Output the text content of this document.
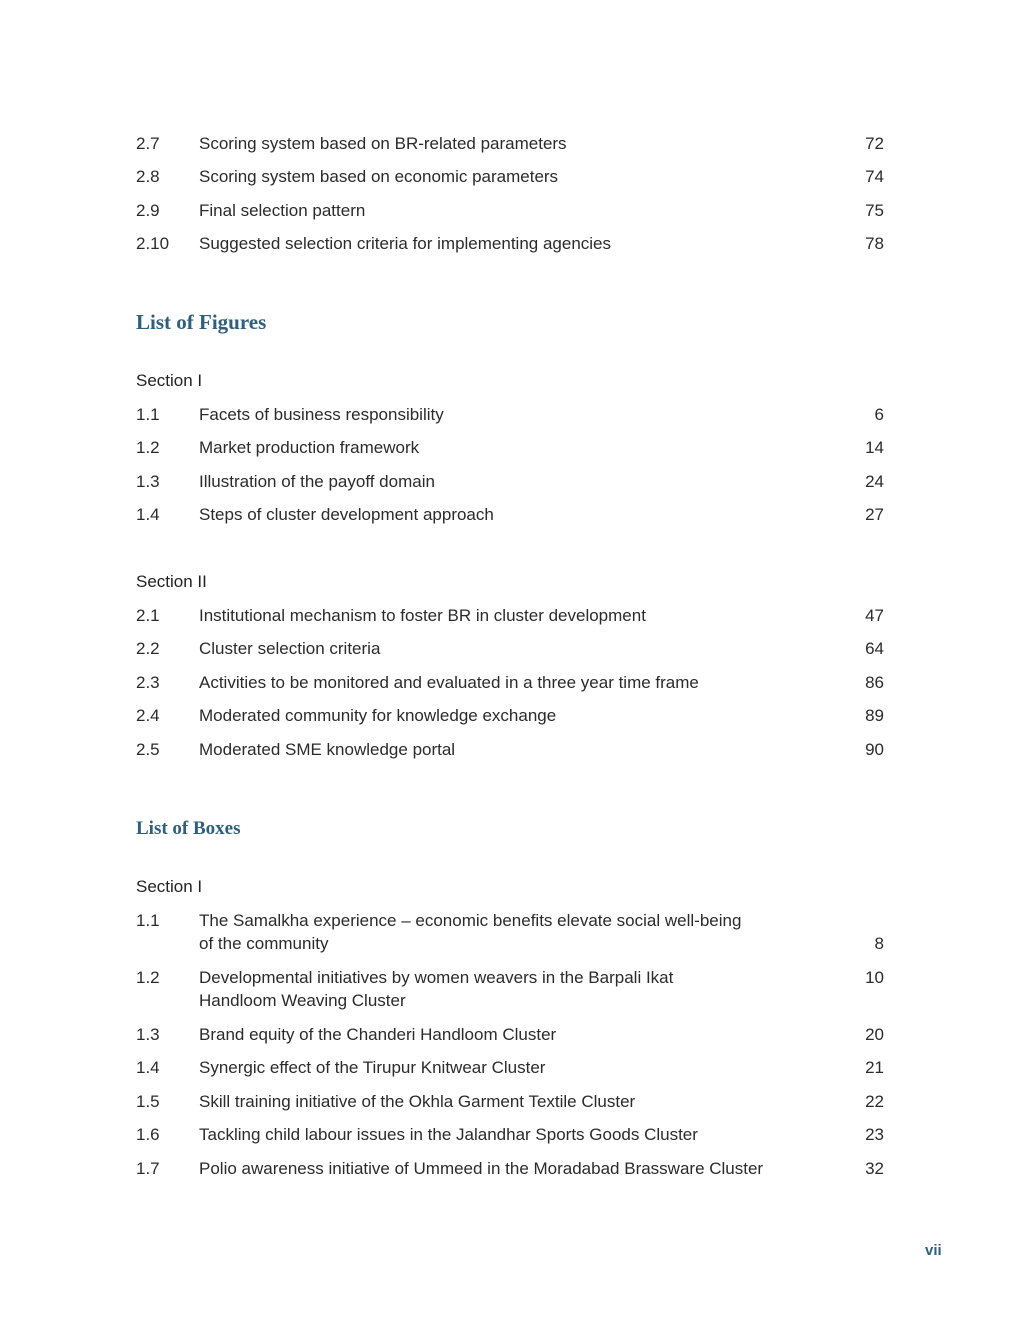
2.7 Scoring system based on BR-related parameters	72
2.8 Scoring system based on economic parameters	74
2.9 Final selection pattern	75
2.10 Suggested selection criteria for implementing agencies	78
List of Figures
Section I
1.1 Facets of business responsibility	6
1.2 Market production framework	14
1.3 Illustration of the payoff domain	24
1.4 Steps of cluster development approach	27
Section II
2.1 Institutional mechanism to foster BR in cluster development	47
2.2 Cluster selection criteria	64
2.3 Activities to be monitored and evaluated in a three year time frame	86
2.4 Moderated community for knowledge exchange	89
2.5 Moderated SME knowledge portal	90
List of Boxes
Section I
1.1 The Samalkha experience – economic benefits elevate social well-being
of the community	8
1.2 Developmental initiatives by women weavers in the Barpali Ikat
Handloom Weaving Cluster
10
1.3 Brand equity of the Chanderi Handloom Cluster	20
1.4 Synergic effect of the Tirupur Knitwear Cluster	21
1.5 Skill training initiative of the Okhla Garment Textile Cluster	22
1.6 Tackling child labour issues in the Jalandhar Sports Goods Cluster	23
1.7 Polio awareness initiative of Ummeed in the Moradabad Brassware Cluster	32
vii
